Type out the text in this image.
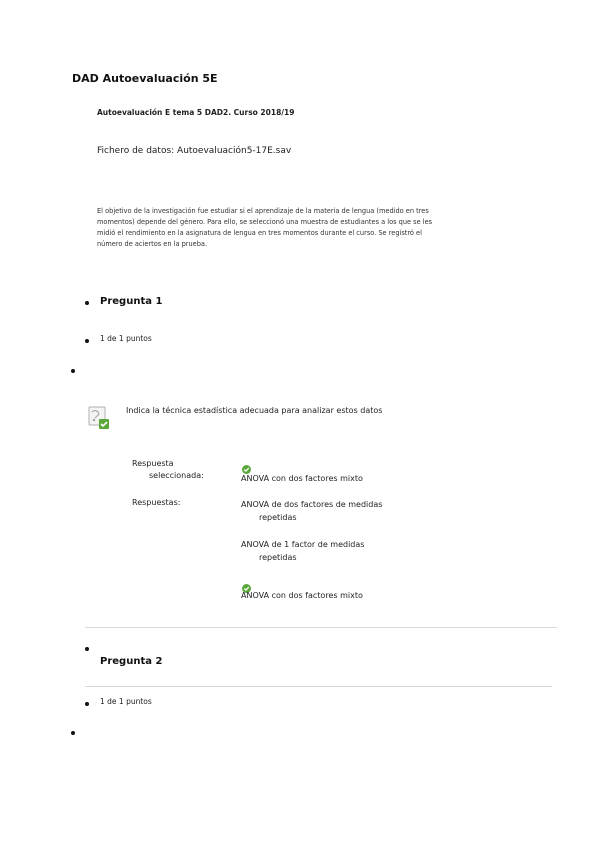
DAD Autoevaluación 5E
Autoevaluación E tema 5 DAD2. Curso 2018/19
Fichero de datos: Autoevaluación5-17E.sav
El objetivo de la investigación fue estudiar si el aprendizaje de la materia de lengua (medido en tres momentos) depende del género. Para ello, se seleccionó una muestra de estudiantes a los que se les midió el rendimiento en la asignatura de lengua en tres momentos durante el curso. Se registró el número de aciertos en la prueba.
Pregunta 1
1 de 1 puntos
Indica la técnica estadística adecuada para analizar estos datos
Respuesta
seleccionada:	ANOVA con dos factores mixto
Respuestas:	ANOVA de dos factores de medidas
repetidas
ANOVA de 1 factor de medidas
repetidas
ANOVA con dos factores mixto
Pregunta 2
1 de 1 puntos
